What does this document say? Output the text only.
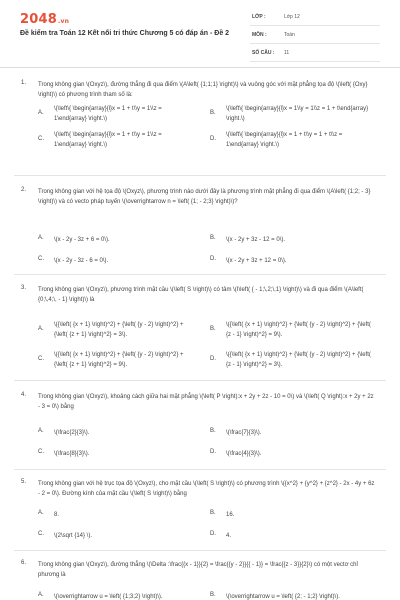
2048.vn
Đề kiểm tra Toán 12 Kết nối tri thức Chương 5 có đáp án - Đề 2
LỚP :	Lớp 12
MÔN :	Toán
SỐ CÂU : 11
1. Trong không gian \(Oxyz\), đường thẳng đi qua điểm \(A\left( {1;1;1} \right)\) và vuông góc với mặt phẳng tọa độ \(\left( {Oxy} \right)\) có phương trình tham số là:
A.
\(\left\{ \begin{array}{l}x = 1 + t\\y = 1\\z = 1\end{array} \right.\)
B.
\(\left\{ \begin{array}{l}x = 1\\y = 1\\z = 1 + t\end{array} \right.\)
C.
\(\left\{ \begin{array}{l}x = 1 + t\\y = 1\\z = 1\end{array} \right.\)
D.
\(\left\{ \begin{array}{l}x = 1 + t\\y = 1 + t\\z = 1\end{array} \right.\)
2. Trong không gian với hệ tọa độ \(Oxyz\), phương trình nào dưới đây là phương trình mặt phẳng đi qua điểm \(A\left( {1;2; - 3} \right)\) và có vecto pháp tuyến \(\overrightarrow n = \left( {1; - 2;3} \right)\)?
A. \(x - 2y - 3z + 6 = 0\).	B. \(x - 2y + 3z - 12 = 0\).
C. \(x - 2y - 3z - 6 = 0\).	D. \(x - 2y + 3z + 12 = 0\).
3. Trong không gian \(Oxyz\), phương trình mặt cầu \(\left( S \right)\) có tâm \(I\left( { - 1;\,2;\,1} \right)\) và đi qua điểm \(A\left( {0;\,4;\, - 1} \right)\) là
A.
\({\left( {x + 1} \right)^2} + {\left( {y - 2} \right)^2} + {\left( {z + 1} \right)^2} = 3\).
B.
\({\left( {x + 1} \right)^2} + {\left( {y - 2} \right)^2} + {\left( {z - 1} \right)^2} = 9\).
C.
\({\left( {x + 1} \right)^2} + {\left( {y - 2} \right)^2} + {\left( {z + 1} \right)^2} = 9\).
D.
\({\left( {x + 1} \right)^2} + {\left( {y - 2} \right)^2} + {\left( {z - 1} \right)^2} = 3\).
4. Trong không gian \(Oxyz\), khoảng cách giữa hai mặt phẳng \(\left( P \right):x + 2y + 2z - 10 = 0\) và \(\left( Q \right):x + 2y + 2z - 3 = 0\) bằng
A. \(\frac{2}{3}\).	B. \(\frac{7}{3}\).
C. \(\frac{8}{3}\).	D. \(\frac{4}{3}\).
5. Trong không gian với hệ trục tọa độ \(Oxyz\), cho mặt cầu \(\left( S \right)\) có phương trình \({x^2} + {y^2} + {z^2} - 2x - 4y + 6z - 2 = 0\). Đường kính của mặt cầu \(\left( S \right)\) bằng
A. 8.	B. 16.
C. \(2\sqrt {14} \).	D. 4.
6. Trong không gian \(Oxyz\), đường thẳng \(\Delta :\frac{{x - 1}}{2} = \frac{{y - 2}}{{ - 1}} = \frac{{z - 3}}{2}\) có một vectơ chỉ phương là
A. \(\overrightarrow u = \left( {1;3;2} \right)\).	B. \(\overrightarrow u = \left( {2; - 1;2} \right)\).
